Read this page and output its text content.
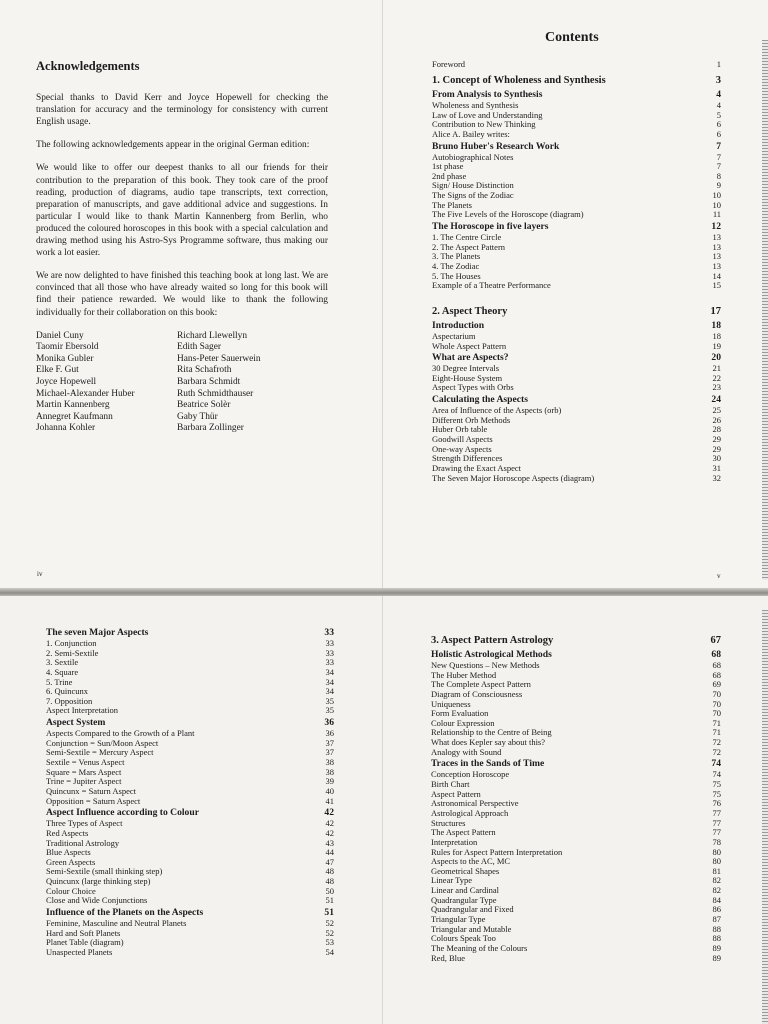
Acknowledgements

Special thanks to David Kerr and Joyce Hopewell for checking the translation for accuracy and the terminology for consistency with current English usage.

The following acknowledgements appear in the original German edition:

We would like to offer our deepest thanks to all our friends for their contribution to the preparation of this book. They took care of the proof reading, production of diagrams, audio tape transcripts, text correction, preparation of manuscripts, and gave additional advice and suggestions. In particular I would like to thank Martin Kannenberg from Berlin, who produced the coloured horoscopes in this book with a special calculation and drawing method using his Astro-Sys Programme software, thus making our work a lot easier.

We are now delighted to have finished this teaching book at long last. We are convinced that all those who have already waited so long for this book will find their patience rewarded. We would like to thank the following individually for their collaboration on this book:

Daniel Cuny
Taomir Ebersold
Monika Gubler
Elke F. Gut
Joyce Hopewell
Michael-Alexander Huber
Martin Kannenberg
Annegret Kaufmann
Johanna Kohler
Richard Llewellyn
Edith Sager
Hans-Peter Sauerwein
Rita Schafroth
Barbara Schmidt
Ruth Schmidthauser
Beatrice Solèr
Gaby Thür
Barbara Zollinger
iv
Contents
Foreword	1
1. Concept of Wholeness and Synthesis	3
From Analysis to Synthesis	4
Wholeness and Synthesis	4
Law of Love and Understanding	5
Contribution to New Thinking	6
Alice A. Bailey writes:	6
Bruno Huber's Research Work	7
Autobiographical Notes	7
1st phase	7
2nd phase	8
Sign/ House Distinction	9
The Signs of the Zodiac	10
The Planets	10
The Five Levels of the Horoscope (diagram)	11
The Horoscope in five layers	12
1. The Centre Circle	13
2. The Aspect Pattern	13
3. The Planets	13
4. The Zodiac	13
5. The Houses	14
Example of a Theatre Performance	15
2. Aspect Theory	17
Introduction	18
Aspectarium	18
Whole Aspect Pattern	19
What are Aspects?	20
30 Degree Intervals	21
Eight-House System	22
Aspect Types with Orbs	23
Calculating the Aspects	24
Area of Influence of the Aspects (orb)	25
Different Orb Methods	26
Huber Orb table	28
Goodwill Aspects	29
One-way Aspects	29
Strength Differences	30
Drawing the Exact Aspect	31
The Seven Major Horoscope Aspects (diagram)	32
v
The seven Major Aspects	33
1. Conjunction	33
2. Semi-Sextile	33
3. Sextile	33
4. Square	34
5. Trine	34
6. Quincunx	34
7. Opposition	35
Aspect Interpretation	35
Aspect System	36
Aspects Compared to the Growth of a Plant	36
Conjunction = Sun/Moon Aspect	37
Semi-Sextile = Mercury Aspect	37
Sextile = Venus Aspect	38
Square = Mars Aspect	38
Trine = Jupiter Aspect	39
Quincunx = Saturn Aspect	40
Opposition = Saturn Aspect	41
Aspect Influence according to Colour	42
Three Types of Aspect	42
Red Aspects	42
Traditional Astrology	43
Blue Aspects	44
Green Aspects	47
Semi-Sextile (small thinking step)	48
Quincunx (large thinking step)	48
Colour Choice	50
Close and Wide Conjunctions	51
Influence of the Planets on the Aspects	51
Feminine, Masculine and Neutral Planets	52
Hard and Soft Planets	52
Planet Table (diagram)	53
Unaspected Planets	54
3. Aspect Pattern Astrology	67
Holistic Astrological Methods	68
New Questions – New Methods	68
The Huber Method	68
The Complete Aspect Pattern	69
Diagram of Consciousness	70
Uniqueness	70
Form Evaluation	70
Colour Expression	71
Relationship to the Centre of Being	71
What does Kepler say about this?	72
Analogy with Sound	72
Traces in the Sands of Time	74
Conception Horoscope	74
Birth Chart	75
Aspect Pattern	75
Astronomical Perspective	76
Astrological Approach	77
Structures	77
The Aspect Pattern	77
Interpretation	78
Rules for Aspect Pattern Interpretation	80
Aspects to the AC, MC	80
Geometrical Shapes	81
Linear Type	82
Linear and Cardinal	82
Quadrangular Type	84
Quadrangular and Fixed	86
Triangular Type	87
Triangular and Mutable	88
Colours Speak Too	88
The Meaning of the Colours	89
Red, Blue	89
